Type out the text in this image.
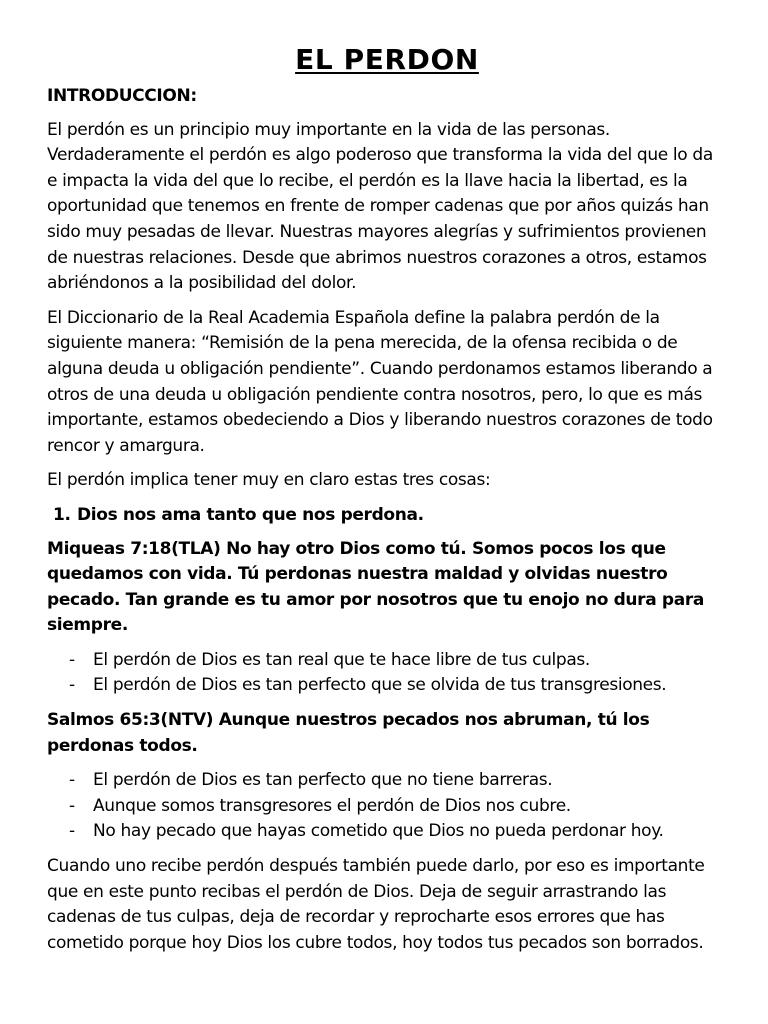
EL PERDON
INTRODUCCION:

El perdón es un principio muy importante en la vida de las personas. Verdaderamente el perdón es algo poderoso que transforma la vida del que lo da e impacta la vida del que lo recibe, el perdón es la llave hacia la libertad, es la oportunidad que tenemos en frente de romper cadenas que por años quizás han sido muy pesadas de llevar. Nuestras mayores alegrías y sufrimientos provienen de nuestras relaciones. Desde que abrimos nuestros corazones a otros, estamos abriéndonos a la posibilidad del dolor.

El Diccionario de la Real Academia Española define la palabra perdón de la siguiente manera: “Remisión de la pena merecida, de la ofensa recibida o de alguna deuda u obligación pendiente”. Cuando perdonamos estamos liberando a otros de una deuda u obligación pendiente contra nosotros, pero, lo que es más importante, estamos obedeciendo a Dios y liberando nuestros corazones de todo rencor y amargura.

El perdón implica tener muy en claro estas tres cosas:

1. Dios nos ama tanto que nos perdona.

Miqueas 7:18(TLA) No hay otro Dios como tú. Somos pocos los que quedamos con vida. Tú perdonas nuestra maldad y olvidas nuestro pecado. Tan grande es tu amor por nosotros que tu enojo no dura para siempre.

-	El perdón de Dios es tan real que te hace libre de tus culpas.
-	El perdón de Dios es tan perfecto que se olvida de tus transgresiones.

Salmos 65:3(NTV) Aunque nuestros pecados nos abruman, tú los perdonas todos.

-	El perdón de Dios es tan perfecto que no tiene barreras.
-	Aunque somos transgresores el perdón de Dios nos cubre.
-	No hay pecado que hayas cometido que Dios no pueda perdonar hoy.

Cuando uno recibe perdón después también puede darlo, por eso es importante que en este punto recibas el perdón de Dios. Deja de seguir arrastrando las cadenas de tus culpas, deja de recordar y reprocharte esos errores que has cometido porque hoy Dios los cubre todos, hoy todos tus pecados son borrados.
